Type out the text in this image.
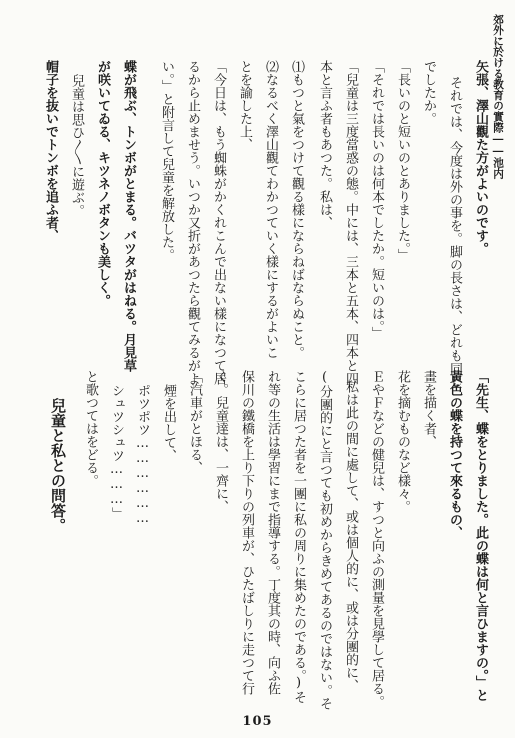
郊外に於ける教育の實際――池内
矢張、澤山觀た方がよいのです。
それでは、今度は外の事を。脚の長さは、どれも同じ
でしたか。
「長いのと短いのとありました。」
「それでは長いのは何本でしたか。短いのは。」
「兒童は三度當惑の態。中には、三本と五本、四本と四
本と言ふ者もあつた。私は、
⑴もつと氣をつけて觀る樣にならねばならぬこと。
⑵なるべく澤山觀てわかつていく樣にするがよいこ
とを諭した上、
「今日は、もう蜘蛛がかくれこんで出ない樣になつて居
るから止めませう。いつか又折があつたら觀てみるがよ
い。」と附言して兒童を解放した。
蝶が飛ぶ、トンボがとまる。バツタがはねる。月見草
が咲いてゐる、キツネノボタンも美しく。
兒童は思ひ〳〵に遊ぶ。
帽子を抜いでトンボを追ふ者、
「先生、蝶をとりました。此の蝶は何と言ひますの。」と
黃色の蝶を持つて來るもの、
畫を描く者、
花を摘むものなど樣々。
ＥやＦなどの健兒は、すつと向ふの測量を見學して居る。
私は此の間に處して、或は個人的に、或は分團的に、
(分團的にと言つても初めからきめてあるのではない。そ
こらに居つた者を一團に私の周りに集めたのである。)そ
れ等の生活は學習にまで指導する。丁度其の時、向ふ佐
保川の鐵橋を上り下りの列車が、ひたばしりに走つて行
く。兒童達は、一齊に、
「汽車がとほる、
煙を出して、
ポツポツ………………
シュツシュツ………」
と歌つてはをどる。
兒童と私との問答。
105
